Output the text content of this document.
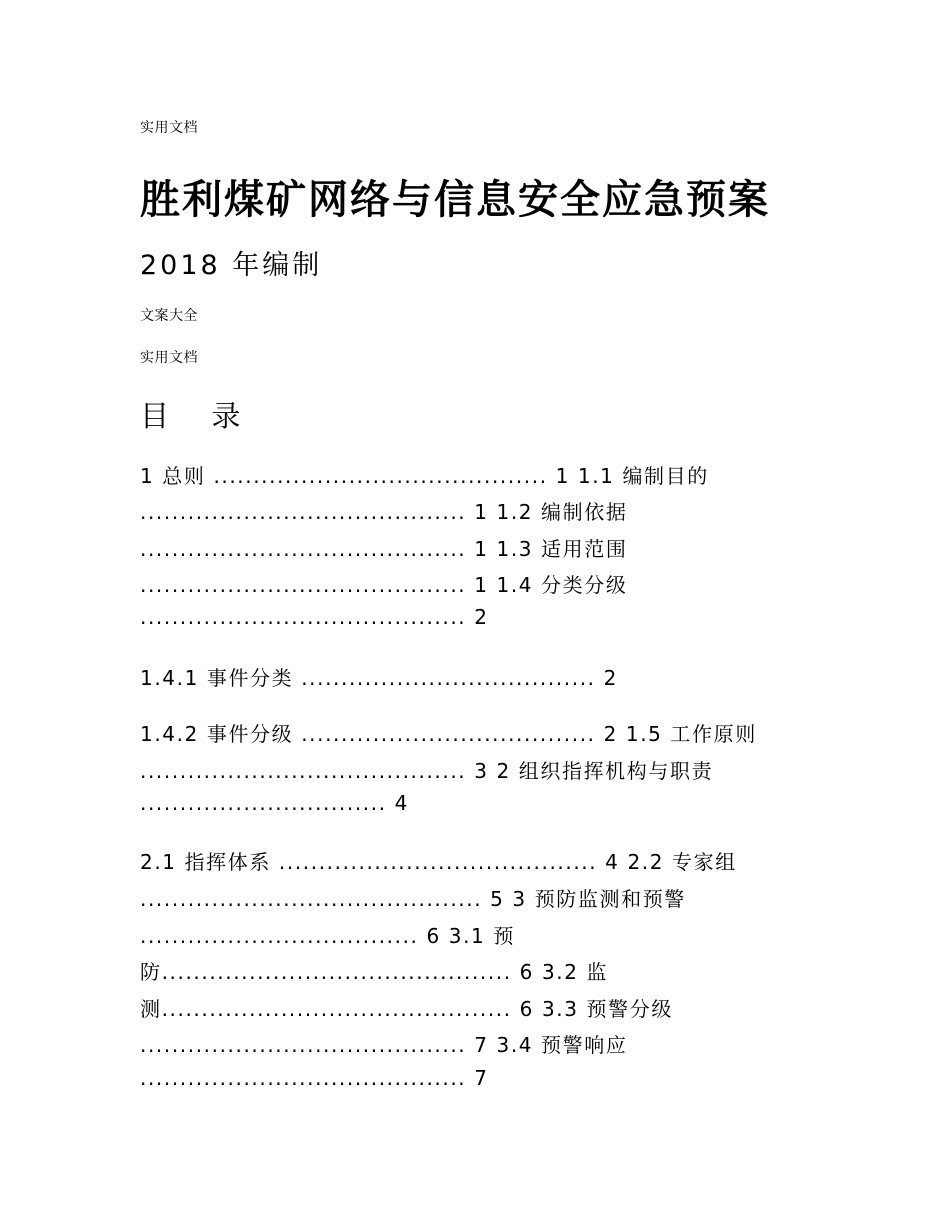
实用文档
胜利煤矿网络与信息安全应急预案
2018 年编制
文案大全
实用文档
目  录
1 总则 .......................................... 1 1.1 编制目的
......................................... 1 1.2 编制依据
......................................... 1 1.3 适用范围
......................................... 1 1.4 分类分级
......................................... 2
1.4.1 事件分类 ..................................... 2
1.4.2 事件分级 ..................................... 2 1.5 工作原则
......................................... 3 2 组织指挥机构与职责
............................... 4
2.1 指挥体系 ........................................ 4 2.2 专家组
........................................... 5 3 预防监测和预警
................................... 6 3.1 预
防............................................ 6 3.2 监
测............................................ 6 3.3 预警分级
......................................... 7 3.4 预警响应
......................................... 7
